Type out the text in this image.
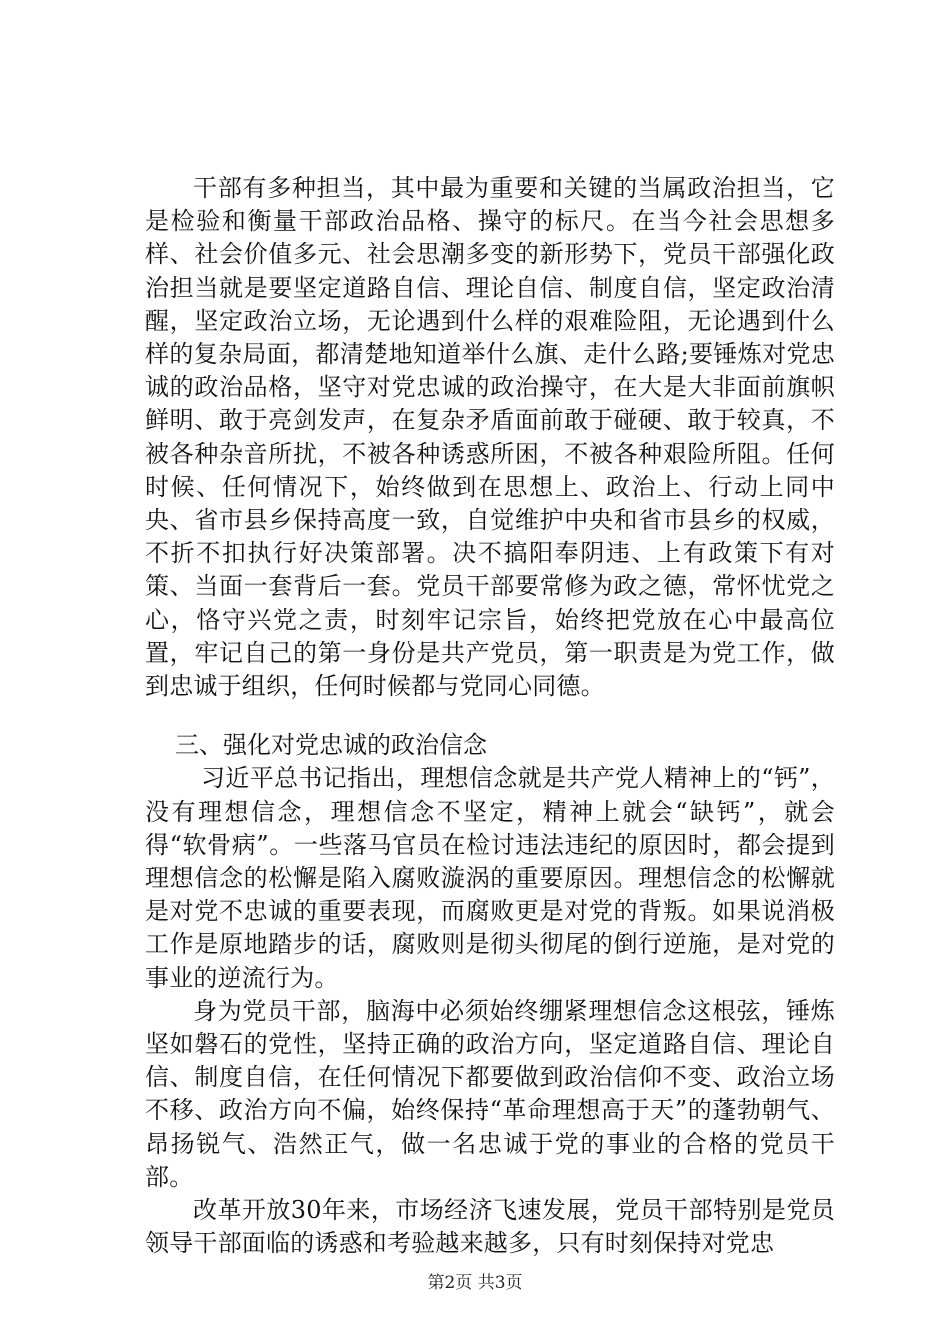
干部有多种担当，其中最为重要和关键的当属政治担当，它是检验和衡量干部政治品格、操守的标尺。在当今社会思想多样、社会价值多元、社会思潮多变的新形势下，党员干部强化政治担当就是要坚定道路自信、理论自信、制度自信，坚定政治清醒，坚定政治立场，无论遇到什么样的艰难险阻，无论遇到什么样的复杂局面，都清楚地知道举什么旗、走什么路;要锤炼对党忠诚的政治品格，坚守对党忠诚的政治操守，在大是大非面前旗帜鲜明、敢于亮剑发声，在复杂矛盾面前敢于碰硬、敢于较真，不被各种杂音所扰，不被各种诱惑所困，不被各种艰险所阻。任何时候、任何情况下，始终做到在思想上、政治上、行动上同中央、省市县乡保持高度一致，自觉维护中央和省市县乡的权威，不折不扣执行好决策部署。决不搞阳奉阴违、上有政策下有对策、当面一套背后一套。党员干部要常修为政之德，常怀忧党之心，恪守兴党之责，时刻牢记宗旨，始终把党放在心中最高位置，牢记自己的第一身份是共产党员，第一职责是为党工作，做到忠诚于组织，任何时候都与党同心同德。

三、强化对党忠诚的政治信念

习近平总书记指出，理想信念就是共产党人精神上的“钙”，没有理想信念，理想信念不坚定，精神上就会“缺钙”，就会得“软骨病”。一些落马官员在检讨违法违纪的原因时，都会提到理想信念的松懈是陷入腐败漩涡的重要原因。理想信念的松懈就是对党不忠诚的重要表现，而腐败更是对党的背叛。如果说消极工作是原地踏步的话，腐败则是彻头彻尾的倒行逆施，是对党的事业的逆流行为。

身为党员干部，脑海中必须始终绷紧理想信念这根弦，锤炼坚如磐石的党性，坚持正确的政治方向，坚定道路自信、理论自信、制度自信，在任何情况下都要做到政治信仰不变、政治立场不移、政治方向不偏，始终保持“革命理想高于天”的蓬勃朝气、昂扬锐气、浩然正气，做一名忠诚于党的事业的合格的党员干部。

改革开放30年来，市场经济飞速发展，党员干部特别是党员领导干部面临的诱惑和考验越来越多，只有时刻保持对党忠

第2页 共3页
